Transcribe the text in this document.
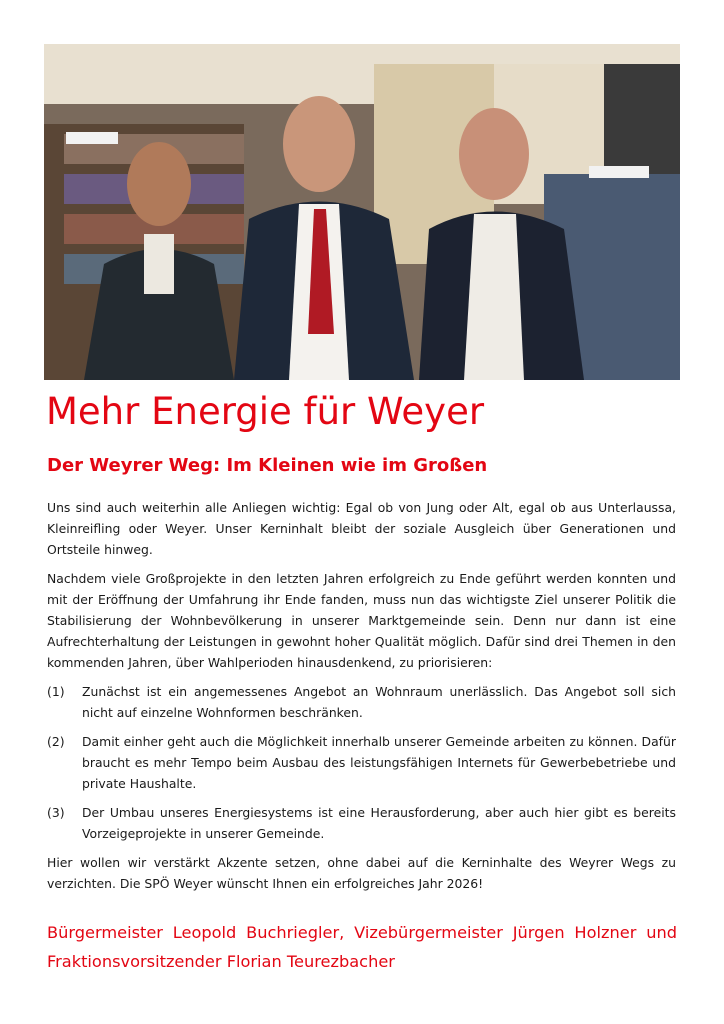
Mehr Energie für Weyer
Der Weyrer Weg: Im Kleinen wie im Großen

Uns sind auch weiterhin alle Anliegen wichtig: Egal ob von Jung oder Alt, egal ob aus Unterlaussa, Kleinreifling oder Weyer. Unser Kerninhalt bleibt der soziale Ausgleich über Generationen und Ortsteile hinweg.

Nachdem viele Großprojekte in den letzten Jahren erfolgreich zu Ende geführt werden konnten und mit der Eröffnung der Umfahrung ihr Ende fanden, muss nun das wichtigste Ziel unserer Politik die Stabilisierung der Wohnbevölkerung in unserer Marktgemeinde sein. Denn nur dann ist eine Aufrechterhaltung der Leistungen in gewohnt hoher Qualität möglich. Dafür sind drei Themen in den kommenden Jahren, über Wahlperioden hinausdenkend, zu priorisieren:

(1)	Zunächst ist ein angemessenes Angebot an Wohnraum unerlässlich. Das Angebot soll sich nicht auf einzelne Wohnformen beschränken.
(2)	Damit einher geht auch die Möglichkeit innerhalb unserer Gemeinde arbeiten zu können. Dafür braucht es mehr Tempo beim Ausbau des leistungsfähigen Internets für Gewerbebetriebe und private Haushalte.
(3)	Der Umbau unseres Energiesystems ist eine Herausforderung, aber auch hier gibt es bereits Vorzeigeprojekte in unserer Gemeinde.

Hier wollen wir verstärkt Akzente setzen, ohne dabei auf die Kerninhalte des Weyrer Wegs zu verzichten. Die SPÖ Weyer wünscht Ihnen ein erfolgreiches Jahr 2026!

Bürgermeister Leopold Buchriegler, Vizebürgermeister Jürgen Holzner und Fraktionsvorsitzender Florian Teurezbacher
